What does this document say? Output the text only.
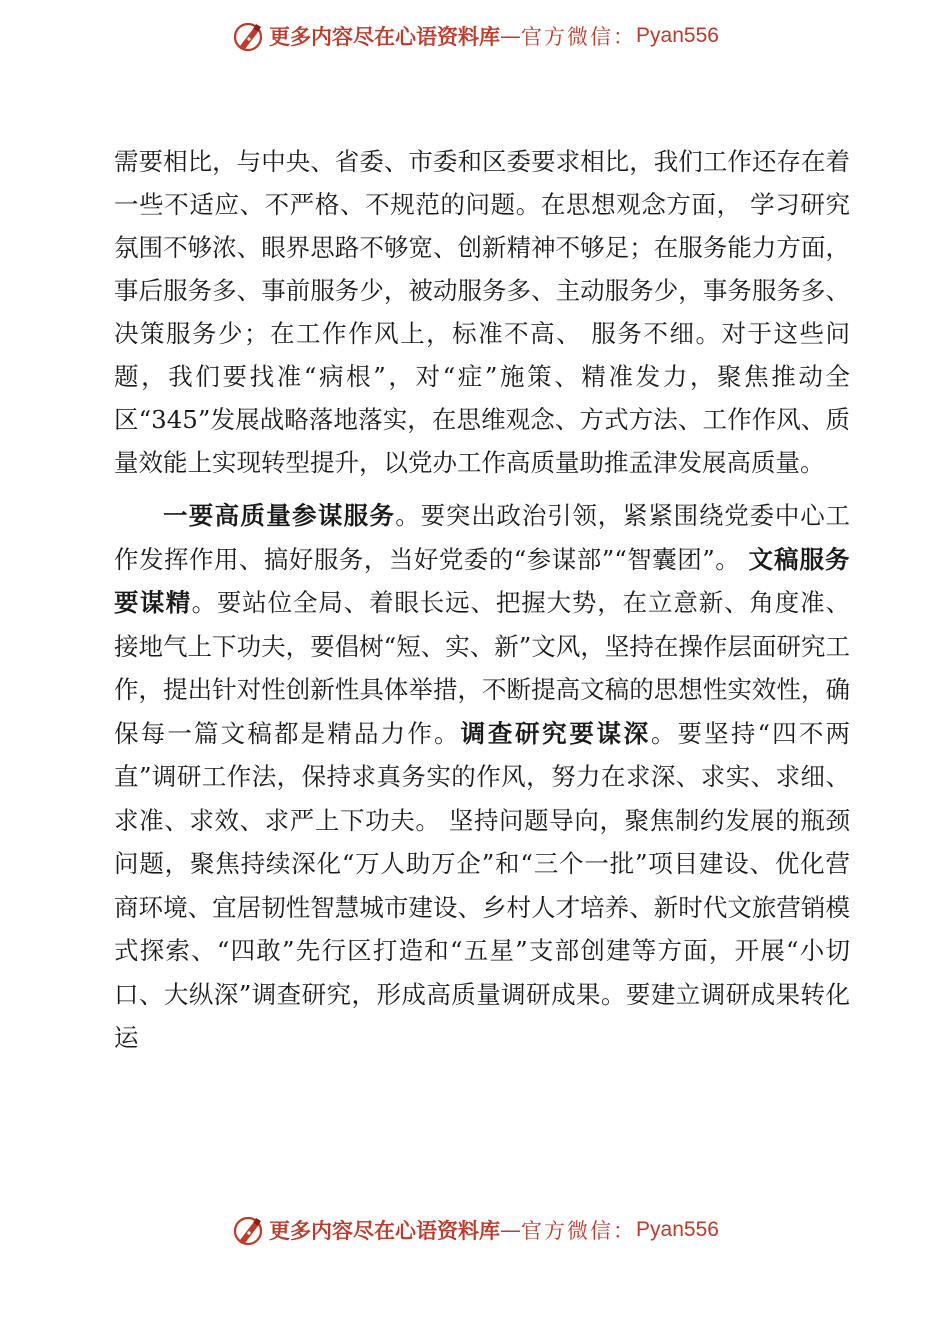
更多内容尽在心语资料库 — 官方微信： Pyan556

需要相比，与中央、省委、市委和区委要求相比，我们工作还存在着一些不适应、不严格、不规范的问题。在思想观念方面， 学习研究氛围不够浓、眼界思路不够宽、创新精神不够足；在服务能力方面，事后服务多、事前服务少，被动服务多、主动服务少，事务服务多、决策服务少；在工作作风上，标准不高、 服务不细。对于这些问题，我们要找准“病根”，对“症”施策、精准发力，聚焦推动全区“345”发展战略落地落实，在思维观念、方式方法、工作作风、质量效能上实现转型提升，以党办工作高质量助推孟津发展高质量。

一要高质量参谋服务。要突出政治引领，紧紧围绕党委中心工作发挥作用、搞好服务，当好党委的“参谋部”“智囊团”。 文稿服务要谋精。要站位全局、着眼长远、把握大势，在立意新、角度准、接地气上下功夫，要倡树“短、实、新”文风，坚持在操作层面研究工作，提出针对性创新性具体举措，不断提高文稿的思想性实效性，确保每一篇文稿都是精品力作。调查研究要谋深。要坚持“四不两直”调研工作法，保持求真务实的作风，努力在求深、求实、求细、求准、求效、求严上下功夫。 坚持问题导向，聚焦制约发展的瓶颈问题，聚焦持续深化“万人助万企”和“三个一批”项目建设、优化营商环境、宜居韧性智慧城市建设、乡村人才培养、新时代文旅营销模式探索、“四敢”先行区打造和“五星”支部创建等方面，开展“小切口、大纵深”调查研究，形成高质量调研成果。要建立调研成果转化运

更多内容尽在心语资料库 — 官方微信： Pyan556
